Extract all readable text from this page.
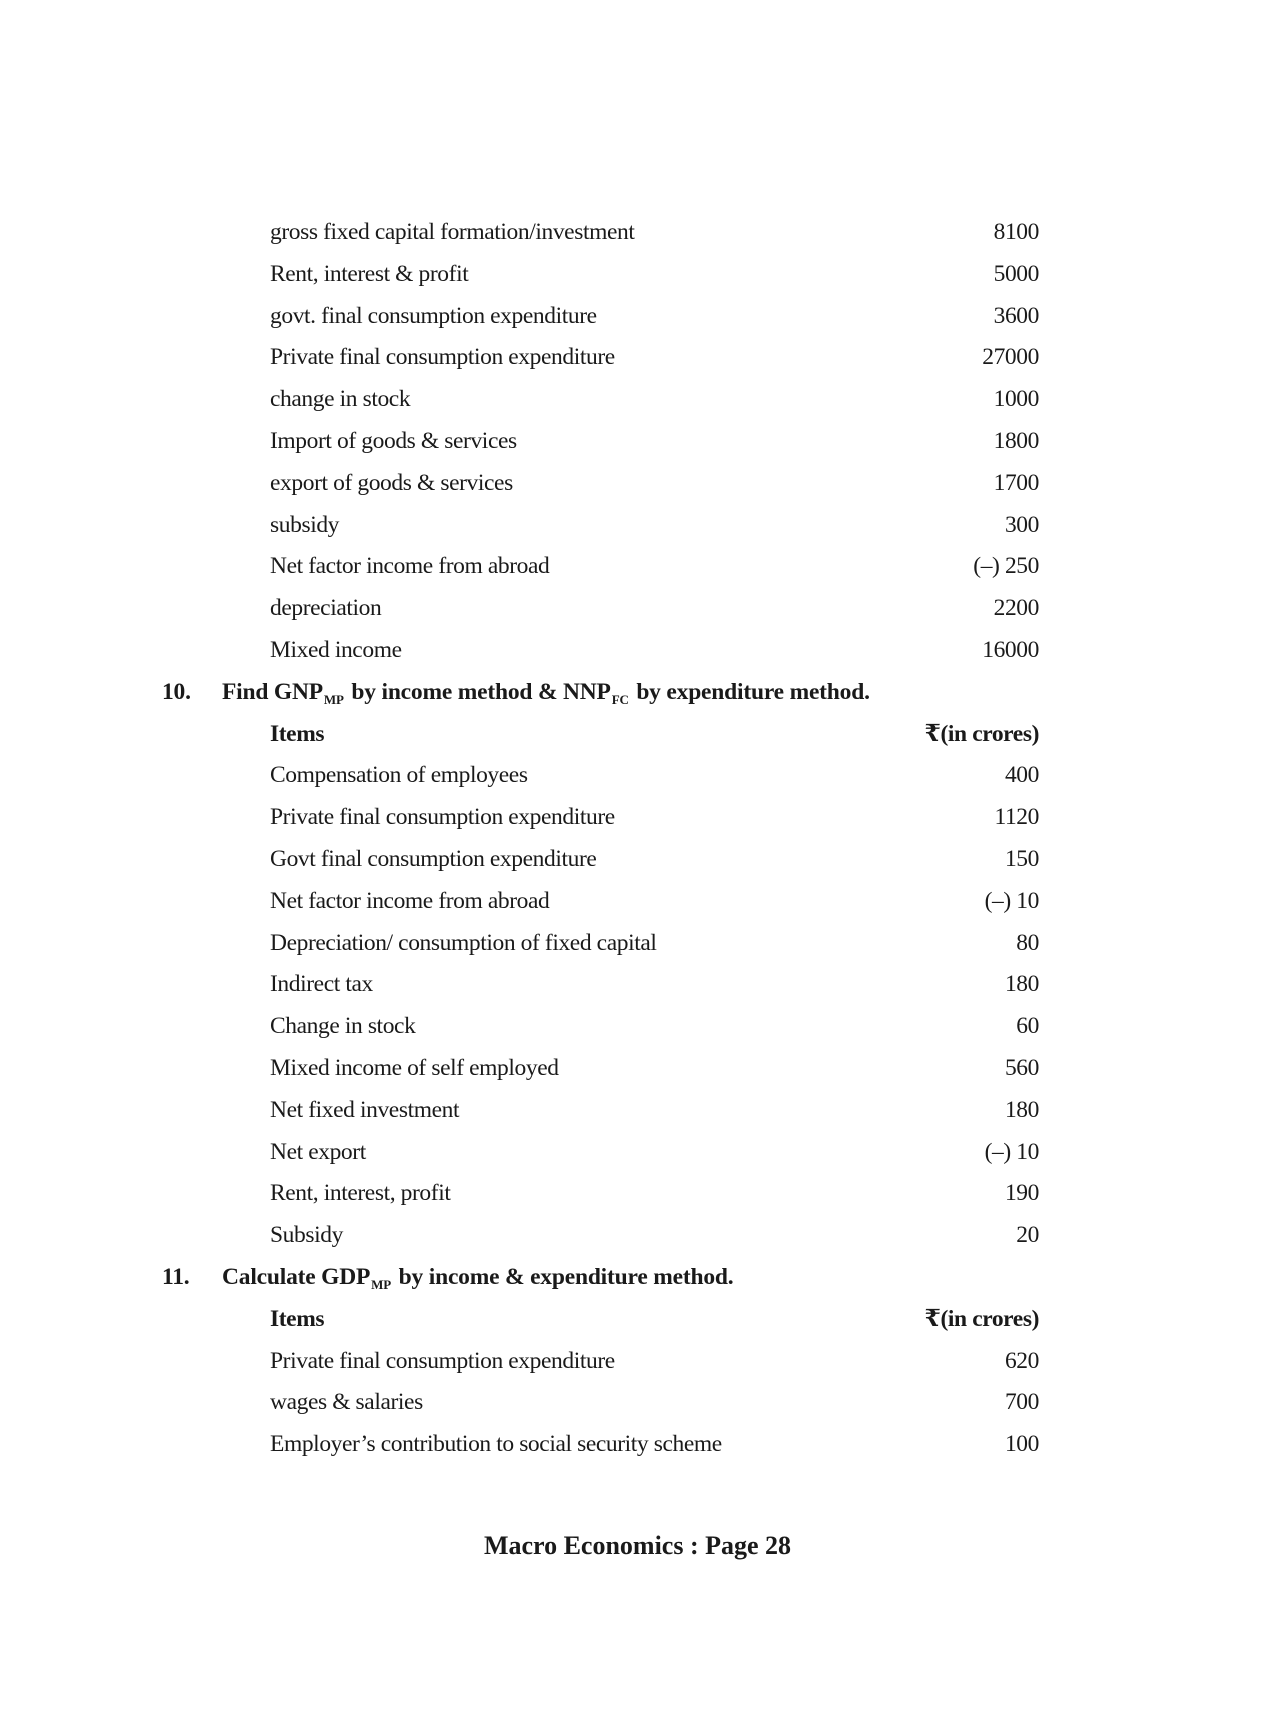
gross fixed capital formation/investment	8100
Rent, interest & profit	5000
govt. final consumption expenditure	3600
Private final consumption expenditure	27000
change in stock	1000
Import of goods & services	1800
export of goods & services	1700
subsidy	300
Net factor income from abroad	(–) 250
depreciation	2200
Mixed income	16000
10. Find $GNP_{MP}$ by income method & $NNP_{FC}$ by expenditure method.
Items	₹(in crores)
Compensation of employees	400
Private final consumption expenditure	1120
Govt final consumption expenditure	150
Net factor income from abroad	(–) 10
Depreciation/ consumption of fixed capital	80
Indirect tax	180
Change in stock	60
Mixed income of self employed	560
Net fixed investment	180
Net export	(–) 10
Rent, interest, profit	190
Subsidy	20
11. Calculate $GDP_{MP}$ by income & expenditure method.
Items	₹(in crores)
Private final consumption expenditure	620
wages & salaries	700
Employer’s contribution to social security scheme	100
Macro Economics : Page 28
